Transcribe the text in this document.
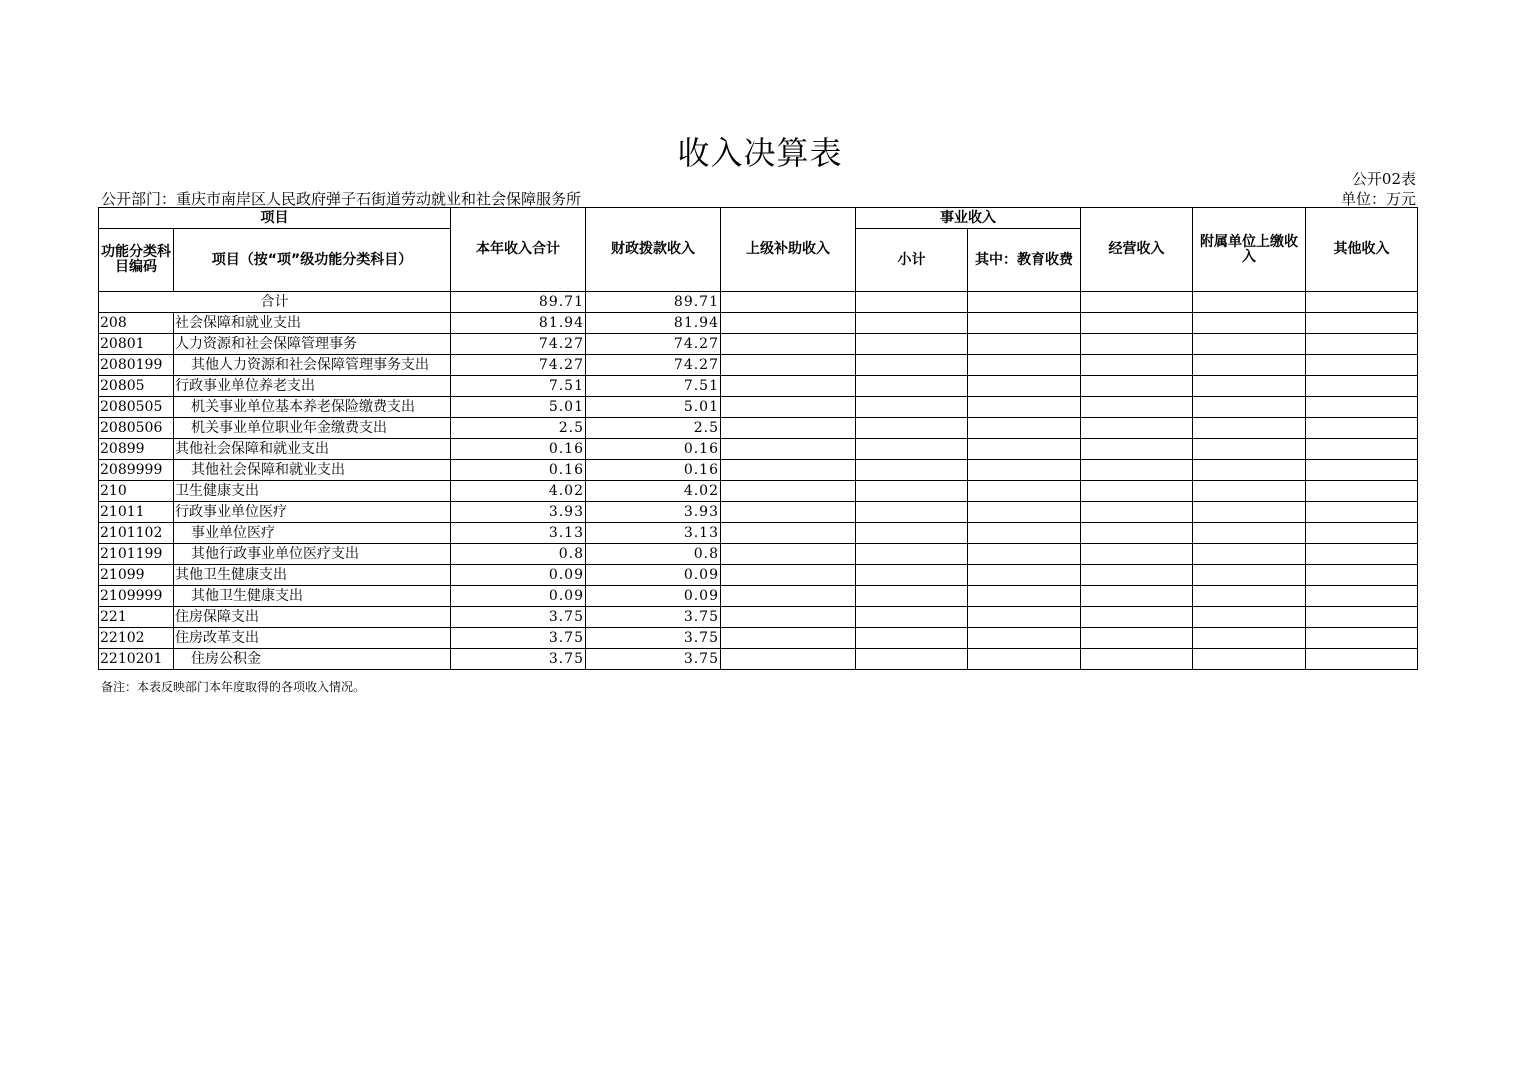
收入决算表
公开02表
公开部门：重庆市南岸区人民政府弹子石街道劳动就业和社会保障服务所	单位：万元
项目		本年收入合计	财政拨款收入	上级补助收入	事业收入		经营收入	附属单位上缴收入	其他收入
功能分类科目编码	项目（按“项”级功能分类科目）				小计	其中：教育收费			
合计		89.71	89.71						
208	社会保障和就业支出	81.94	81.94						
20801	人力资源和社会保障管理事务	74.27	74.27						
2080199	其他人力资源和社会保障管理事务支出	74.27	74.27						
20805	行政事业单位养老支出	7.51	7.51						
2080505	机关事业单位基本养老保险缴费支出	5.01	5.01						
2080506	机关事业单位职业年金缴费支出	2.5	2.5						
20899	其他社会保障和就业支出	0.16	0.16						
2089999	其他社会保障和就业支出	0.16	0.16						
210	卫生健康支出	4.02	4.02						
21011	行政事业单位医疗	3.93	3.93						
2101102	事业单位医疗	3.13	3.13						
2101199	其他行政事业单位医疗支出	0.8	0.8						
21099	其他卫生健康支出	0.09	0.09						
2109999	其他卫生健康支出	0.09	0.09						
221	住房保障支出	3.75	3.75						
22102	住房改革支出	3.75	3.75						
2210201	住房公积金	3.75	3.75						
备注：本表反映部门本年度取得的各项收入情况。
